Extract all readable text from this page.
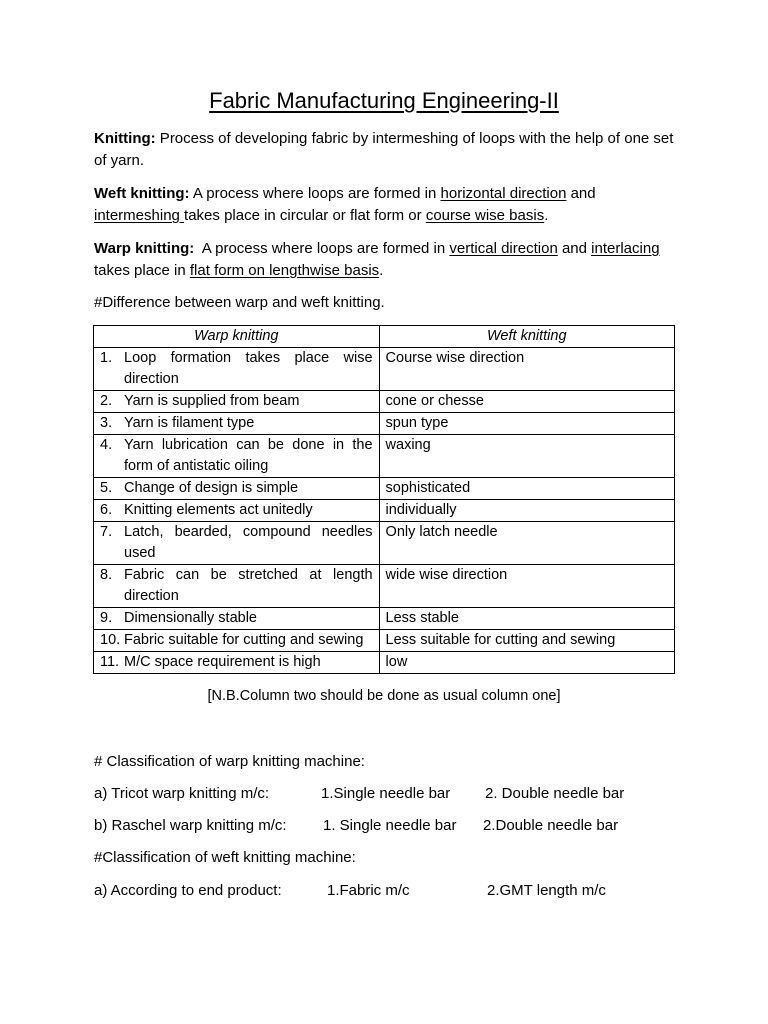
Fabric Manufacturing Engineering-II
Knitting: Process of developing fabric by intermeshing of loops with the help of one set of yarn.
Weft knitting: A process where loops are formed in horizontal direction and intermeshing takes place in circular or flat form or course wise basis.
Warp knitting:  A process where loops are formed in vertical direction and interlacing takes place in flat form on lengthwise basis.
#Difference between warp and weft knitting.
Warp knitting	Weft knitting

1. Loop formation takes place wise direction	Course wise direction

2. Yarn is supplied from beam	cone or chesse

3. Yarn is filament type	spun type

4. Yarn lubrication can be done in the form of antistatic oiling	waxing

5. Change of design is simple	sophisticated

6. Knitting elements act unitedly	individually

7. Latch, bearded, compound needles used	Only latch needle

8. Fabric can be stretched at length direction	wide wise direction

9. Dimensionally stable	Less stable

10. Fabric suitable for cutting and sewing	Less suitable for cutting and sewing

11. M/C space requirement is high	low
[N.B.Column two should be done as usual column one]
# Classification of warp knitting machine:
a) Tricot warp knitting m/c:	1.Single needle bar 2. Double needle bar
b) Raschel warp knitting m/c: 1. Single needle bar 2.Double needle bar
#Classification of weft knitting machine:
a) According to end product:	1.Fabric m/c	2.GMT length m/c
